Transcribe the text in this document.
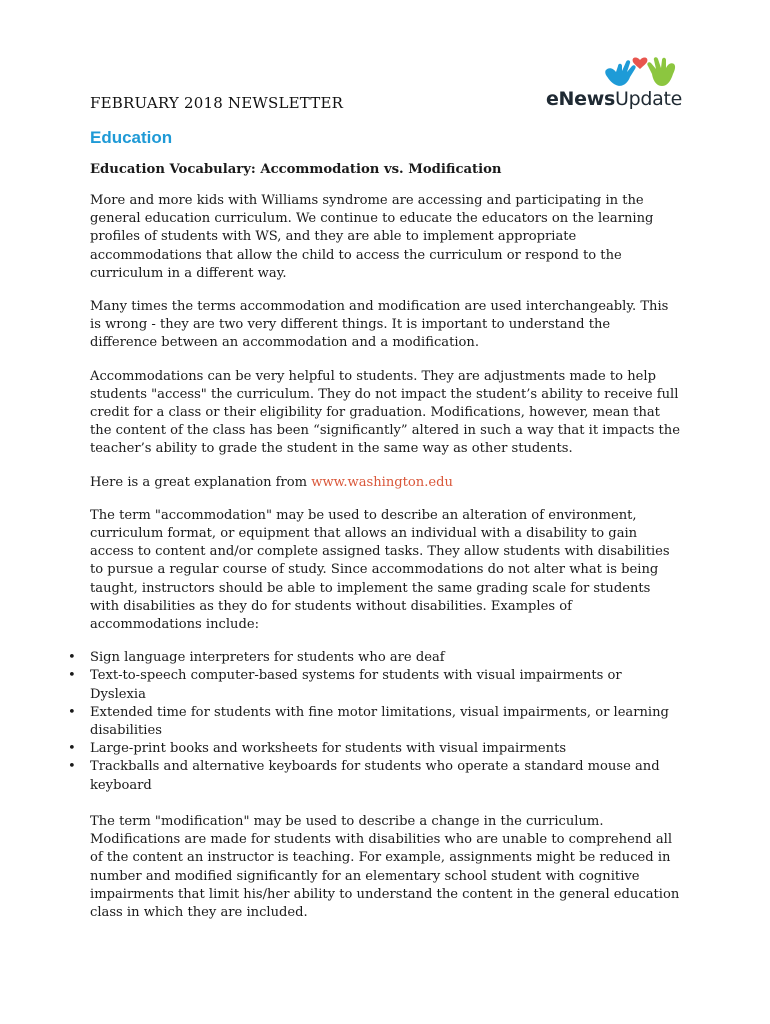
FEBRUARY 2018 NEWSLETTER	eNewsUpdate
Education
Education Vocabulary: Accommodation vs. Modification

More and more kids with Williams syndrome are accessing and participating in the general education curriculum. We continue to educate the educators on the learning profiles of students with WS, and they are able to implement appropriate accommodations that allow the child to access the curriculum or respond to the curriculum in a different way.

Many times the terms accommodation and modification are used interchangeably. This is wrong - they are two very different things. It is important to understand the difference between an accommodation and a modification.

Accommodations can be very helpful to students. They are adjustments made to help students "access" the curriculum. They do not impact the student’s ability to receive full credit for a class or their eligibility for graduation. Modifications, however, mean that the content of the class has been “significantly” altered in such a way that it impacts the teacher’s ability to grade the student in the same way as other students.

Here is a great explanation from www.washington.edu

The term "accommodation" may be used to describe an alteration of environment, curriculum format, or equipment that allows an individual with a disability to gain access to content and/or complete assigned tasks. They allow students with disabilities to pursue a regular course of study. Since accommodations do not alter what is being taught, instructors should be able to implement the same grading scale for students with disabilities as they do for students without disabilities. Examples of accommodations include:

• Sign language interpreters for students who are deaf
• Text-to-speech computer-based systems for students with visual impairments or Dyslexia
• Extended time for students with fine motor limitations, visual impairments, or learning disabilities
• Large-print books and worksheets for students with visual impairments
• Trackballs and alternative keyboards for students who operate a standard mouse and keyboard

The term "modification" may be used to describe a change in the curriculum. Modifications are made for students with disabilities who are unable to comprehend all of the content an instructor is teaching. For example, assignments might be reduced in number and modified significantly for an elementary school student with cognitive impairments that limit his/her ability to understand the content in the general education class in which they are included.
